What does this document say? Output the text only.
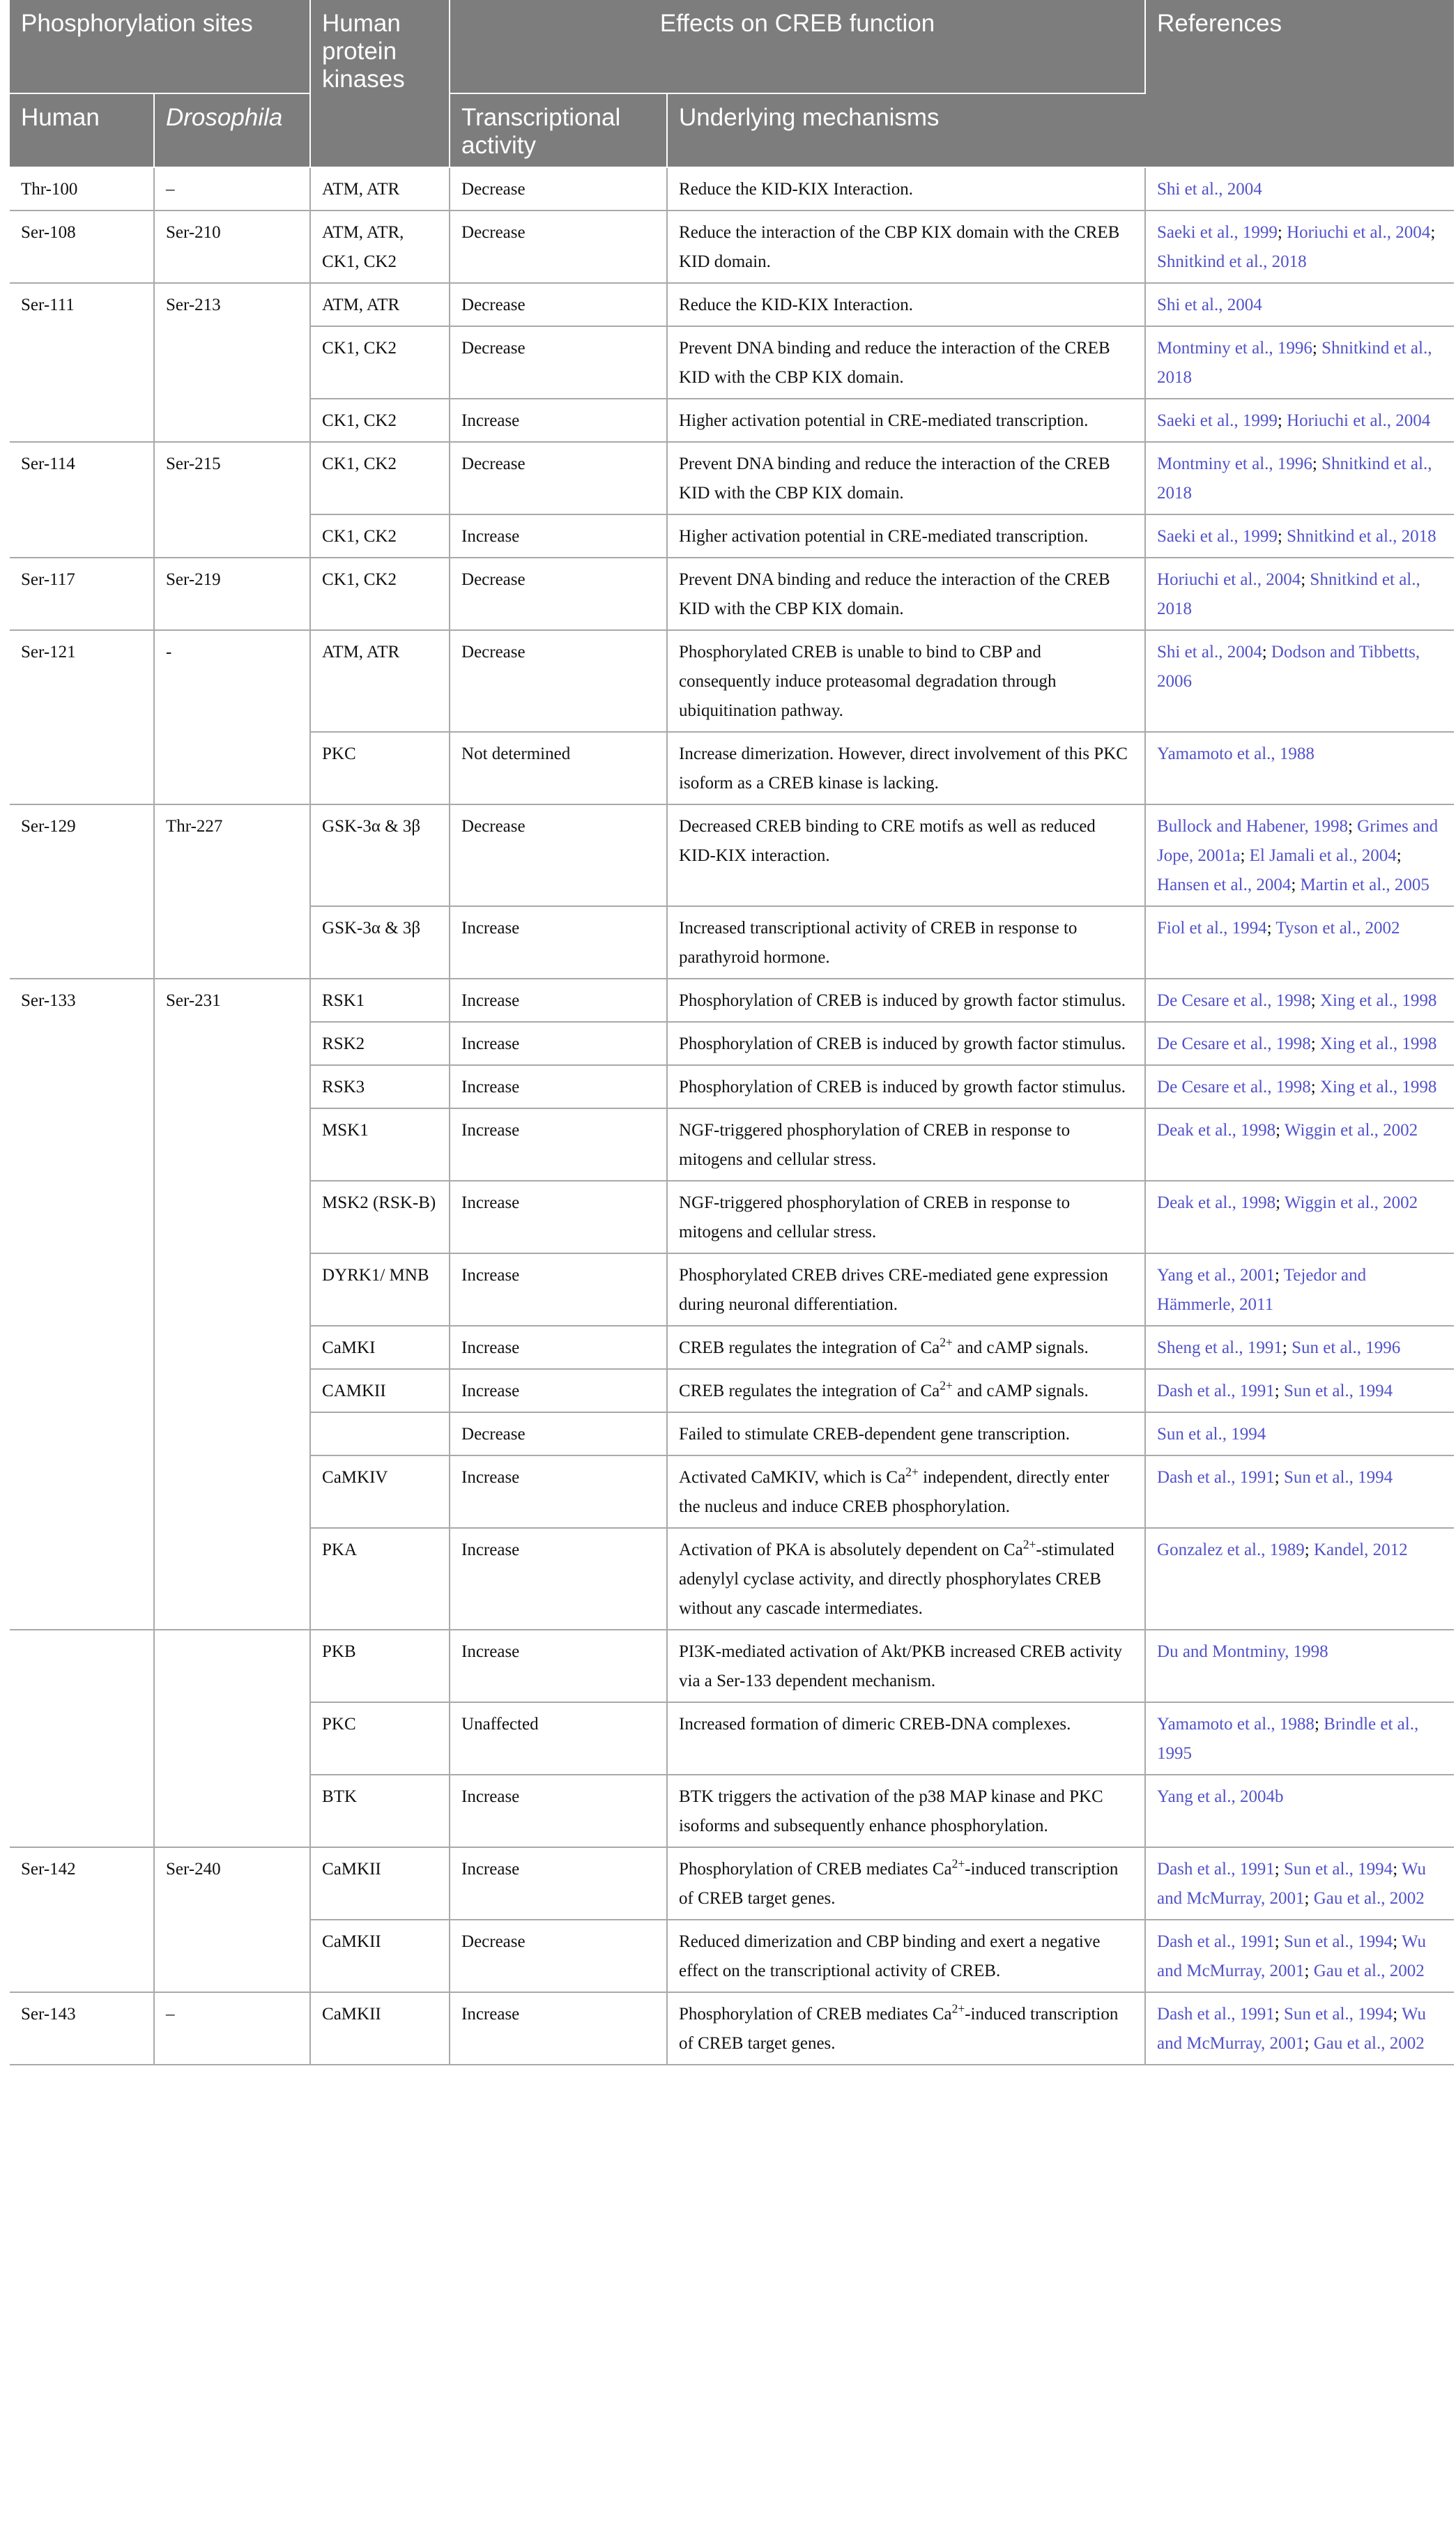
Phosphorylation sites		Human protein kinases	Effects on CREB function		References
Human	Drosophila		Transcriptional activity	Underlying mechanisms	
Thr-100	–	ATM, ATR	Decrease	Reduce the KID-KIX Interaction.	Shi et al., 2004
Ser-108	Ser-210	ATM, ATR, CK1, CK2	Decrease	Reduce the interaction of the CBP KIX domain with the CREB KID domain.	Saeki et al., 1999; Horiuchi et al., 2004; Shnitkind et al., 2018
Ser-111	Ser-213	ATM, ATR	Decrease	Reduce the KID-KIX Interaction.	Shi et al., 2004
		CK1, CK2	Decrease	Prevent DNA binding and reduce the interaction of the CREB KID with the CBP KIX domain.	Montminy et al., 1996; Shnitkind et al., 2018
		CK1, CK2	Increase	Higher activation potential in CRE-mediated transcription.	Saeki et al., 1999; Horiuchi et al., 2004
Ser-114	Ser-215	CK1, CK2	Decrease	Prevent DNA binding and reduce the interaction of the CREB KID with the CBP KIX domain.	Montminy et al., 1996; Shnitkind et al., 2018
		CK1, CK2	Increase	Higher activation potential in CRE-mediated transcription.	Saeki et al., 1999; Shnitkind et al., 2018
Ser-117	Ser-219	CK1, CK2	Decrease	Prevent DNA binding and reduce the interaction of the CREB KID with the CBP KIX domain.	Horiuchi et al., 2004; Shnitkind et al., 2018
Ser-121	-	ATM, ATR	Decrease	Phosphorylated CREB is unable to bind to CBP and consequently induce proteasomal degradation through ubiquitination pathway.	Shi et al., 2004; Dodson and Tibbetts, 2006
		PKC	Not determined	Increase dimerization. However, direct involvement of this PKC isoform as a CREB kinase is lacking.	Yamamoto et al., 1988
Ser-129	Thr-227	GSK-3α & 3β	Decrease	Decreased CREB binding to CRE motifs as well as reduced KID-KIX interaction.	Bullock and Habener, 1998; Grimes and Jope, 2001a; El Jamali et al., 2004; Hansen et al., 2004; Martin et al., 2005
		GSK-3α & 3β	Increase	Increased transcriptional activity of CREB in response to parathyroid hormone.	Fiol et al., 1994; Tyson et al., 2002
Ser-133	Ser-231	RSK1	Increase	Phosphorylation of CREB is induced by growth factor stimulus.	De Cesare et al., 1998; Xing et al., 1998
		RSK2	Increase	Phosphorylation of CREB is induced by growth factor stimulus.	De Cesare et al., 1998; Xing et al., 1998
		RSK3	Increase	Phosphorylation of CREB is induced by growth factor stimulus.	De Cesare et al., 1998; Xing et al., 1998
		MSK1	Increase	NGF-triggered phosphorylation of CREB in response to mitogens and cellular stress.	Deak et al., 1998; Wiggin et al., 2002
		MSK2 (RSK-B)	Increase	NGF-triggered phosphorylation of CREB in response to mitogens and cellular stress.	Deak et al., 1998; Wiggin et al., 2002
		DYRK1/ MNB	Increase	Phosphorylated CREB drives CRE-mediated gene expression during neuronal differentiation.	Yang et al., 2001; Tejedor and Hämmerle, 2011
		CaMKI	Increase	CREB regulates the integration of $Ca^{2+}$ and cAMP signals.	Sheng et al., 1991; Sun et al., 1996
		CAMKII	Increase	CREB regulates the integration of $Ca^{2+}$ and cAMP signals.	Dash et al., 1991; Sun et al., 1994
			Decrease	Failed to stimulate CREB-dependent gene transcription.	Sun et al., 1994
		CaMKIV	Increase	Activated CaMKIV, which is $Ca^{2+}$ independent, directly enter the nucleus and induce CREB phosphorylation.	Dash et al., 1991; Sun et al., 1994
		PKA	Increase	Activation of PKA is absolutely dependent on $Ca^{2+}$-stimulated adenylyl cyclase activity, and directly phosphorylates CREB without any cascade intermediates.	Gonzalez et al., 1989; Kandel, 2012
		PKB	Increase	PI3K-mediated activation of Akt/PKB increased CREB activity via a Ser-133 dependent mechanism.	Du and Montminy, 1998
		PKC	Unaffected	Increased formation of dimeric CREB-DNA complexes.	Yamamoto et al., 1988; Brindle et al., 1995
		BTK	Increase	BTK triggers the activation of the p38 MAP kinase and PKC isoforms and subsequently enhance phosphorylation.	Yang et al., 2004b
Ser-142	Ser-240	CaMKII	Increase	Phosphorylation of CREB mediates $Ca^{2+}$-induced transcription of CREB target genes.	Dash et al., 1991; Sun et al., 1994; Wu and McMurray, 2001; Gau et al., 2002
		CaMKII	Decrease	Reduced dimerization and CBP binding and exert a negative effect on the transcriptional activity of CREB.	Dash et al., 1991; Sun et al., 1994; Wu and McMurray, 2001; Gau et al., 2002
Ser-143	–	CaMKII	Increase	Phosphorylation of CREB mediates $Ca^{2+}$-induced transcription of CREB target genes.	Dash et al., 1991; Sun et al., 1994; Wu and McMurray, 2001; Gau et al., 2002
